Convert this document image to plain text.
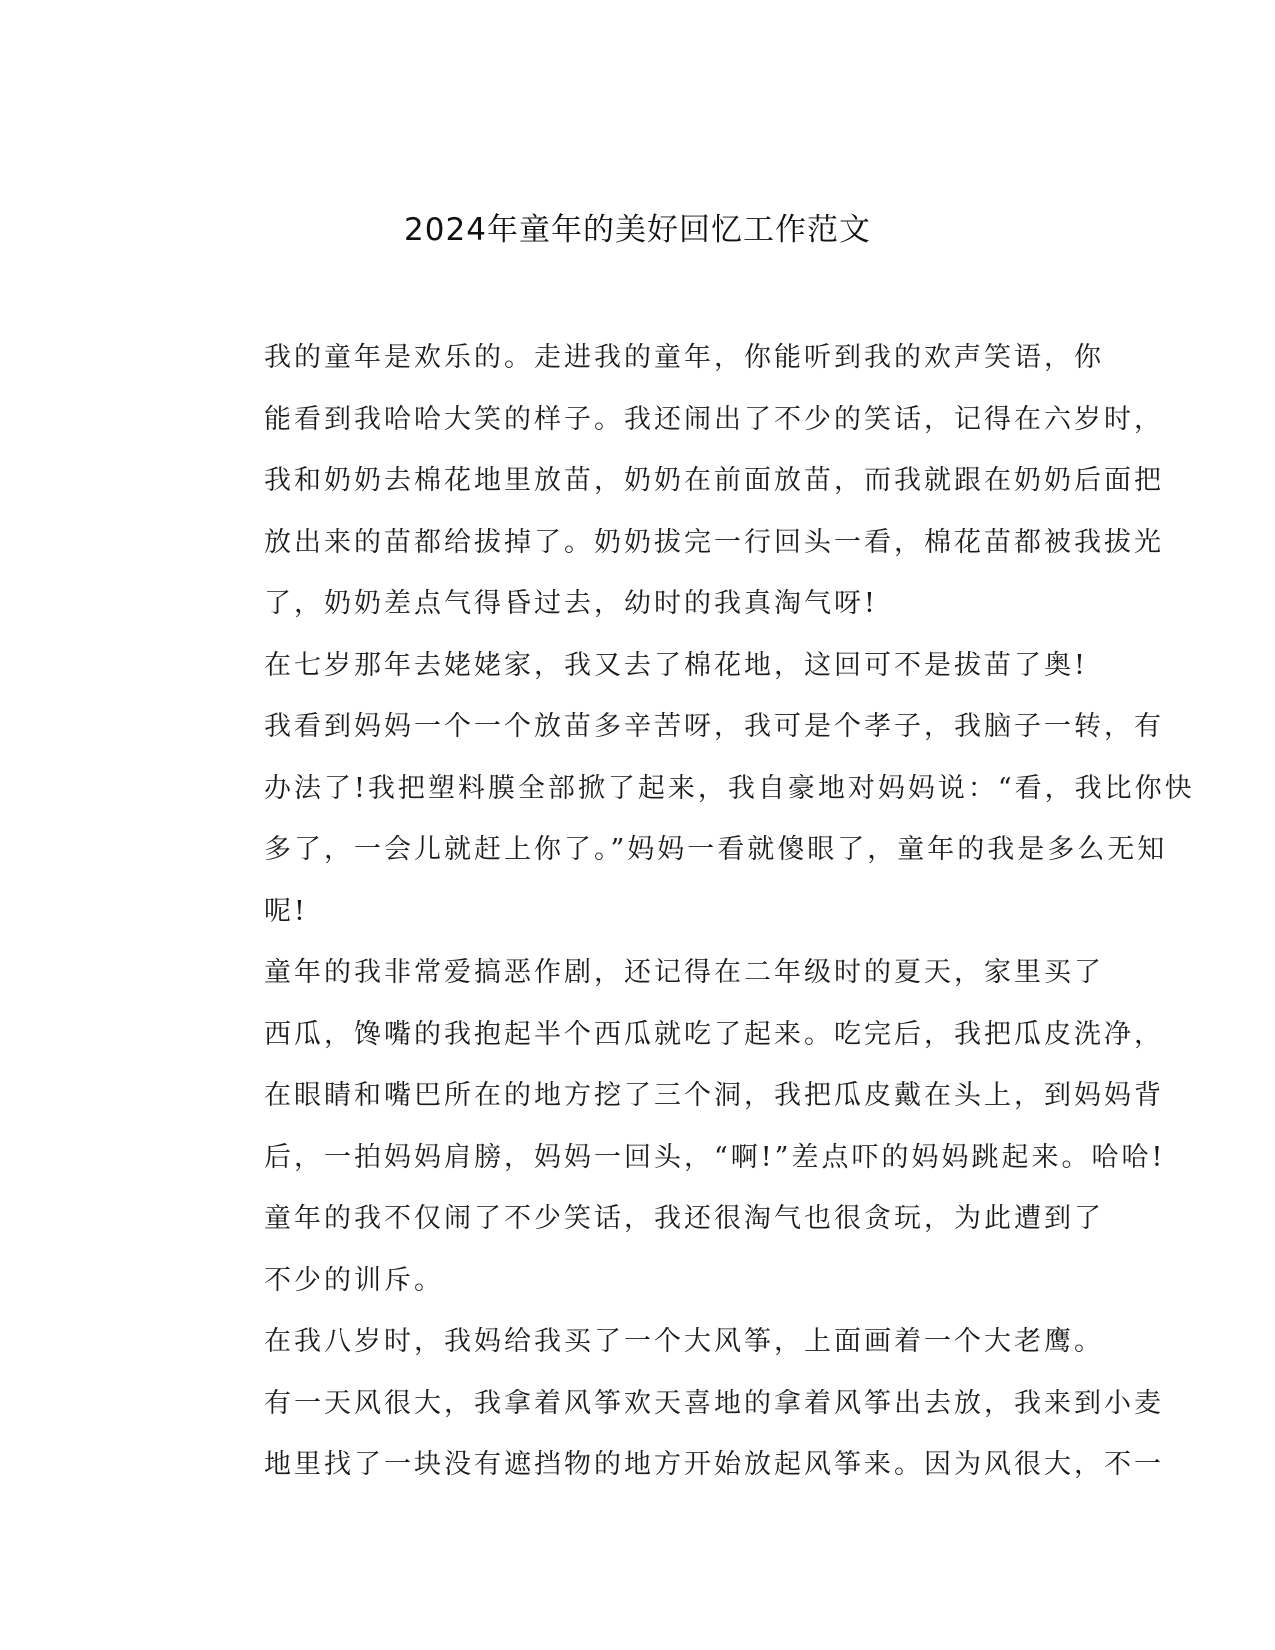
2024年童年的美好回忆工作范文

我的童年是欢乐的。走进我的童年，你能听到我的欢声笑语，你
能看到我哈哈大笑的样子。我还闹出了不少的笑话，记得在六岁时，
我和奶奶去棉花地里放苗，奶奶在前面放苗，而我就跟在奶奶后面把
放出来的苗都给拔掉了。奶奶拔完一行回头一看，棉花苗都被我拔光
了，奶奶差点气得昏过去，幼时的我真淘气呀!

在七岁那年去姥姥家，我又去了棉花地，这回可不是拔苗了奥!
我看到妈妈一个一个放苗多辛苦呀，我可是个孝子，我脑子一转，有
办法了!我把塑料膜全部掀了起来，我自豪地对妈妈说：“看，我比你快
多了，一会儿就赶上你了。”妈妈一看就傻眼了，童年的我是多么无知
呢!

童年的我非常爱搞恶作剧，还记得在二年级时的夏天，家里买了
西瓜，馋嘴的我抱起半个西瓜就吃了起来。吃完后，我把瓜皮洗净，
在眼睛和嘴巴所在的地方挖了三个洞，我把瓜皮戴在头上，到妈妈背
后，一拍妈妈肩膀，妈妈一回头，“啊!”差点吓的妈妈跳起来。哈哈!

童年的我不仅闹了不少笑话，我还很淘气也很贪玩，为此遭到了
不少的训斥。

在我八岁时，我妈给我买了一个大风筝，上面画着一个大老鹰。
有一天风很大，我拿着风筝欢天喜地的拿着风筝出去放，我来到小麦
地里找了一块没有遮挡物的地方开始放起风筝来。因为风很大，不一
